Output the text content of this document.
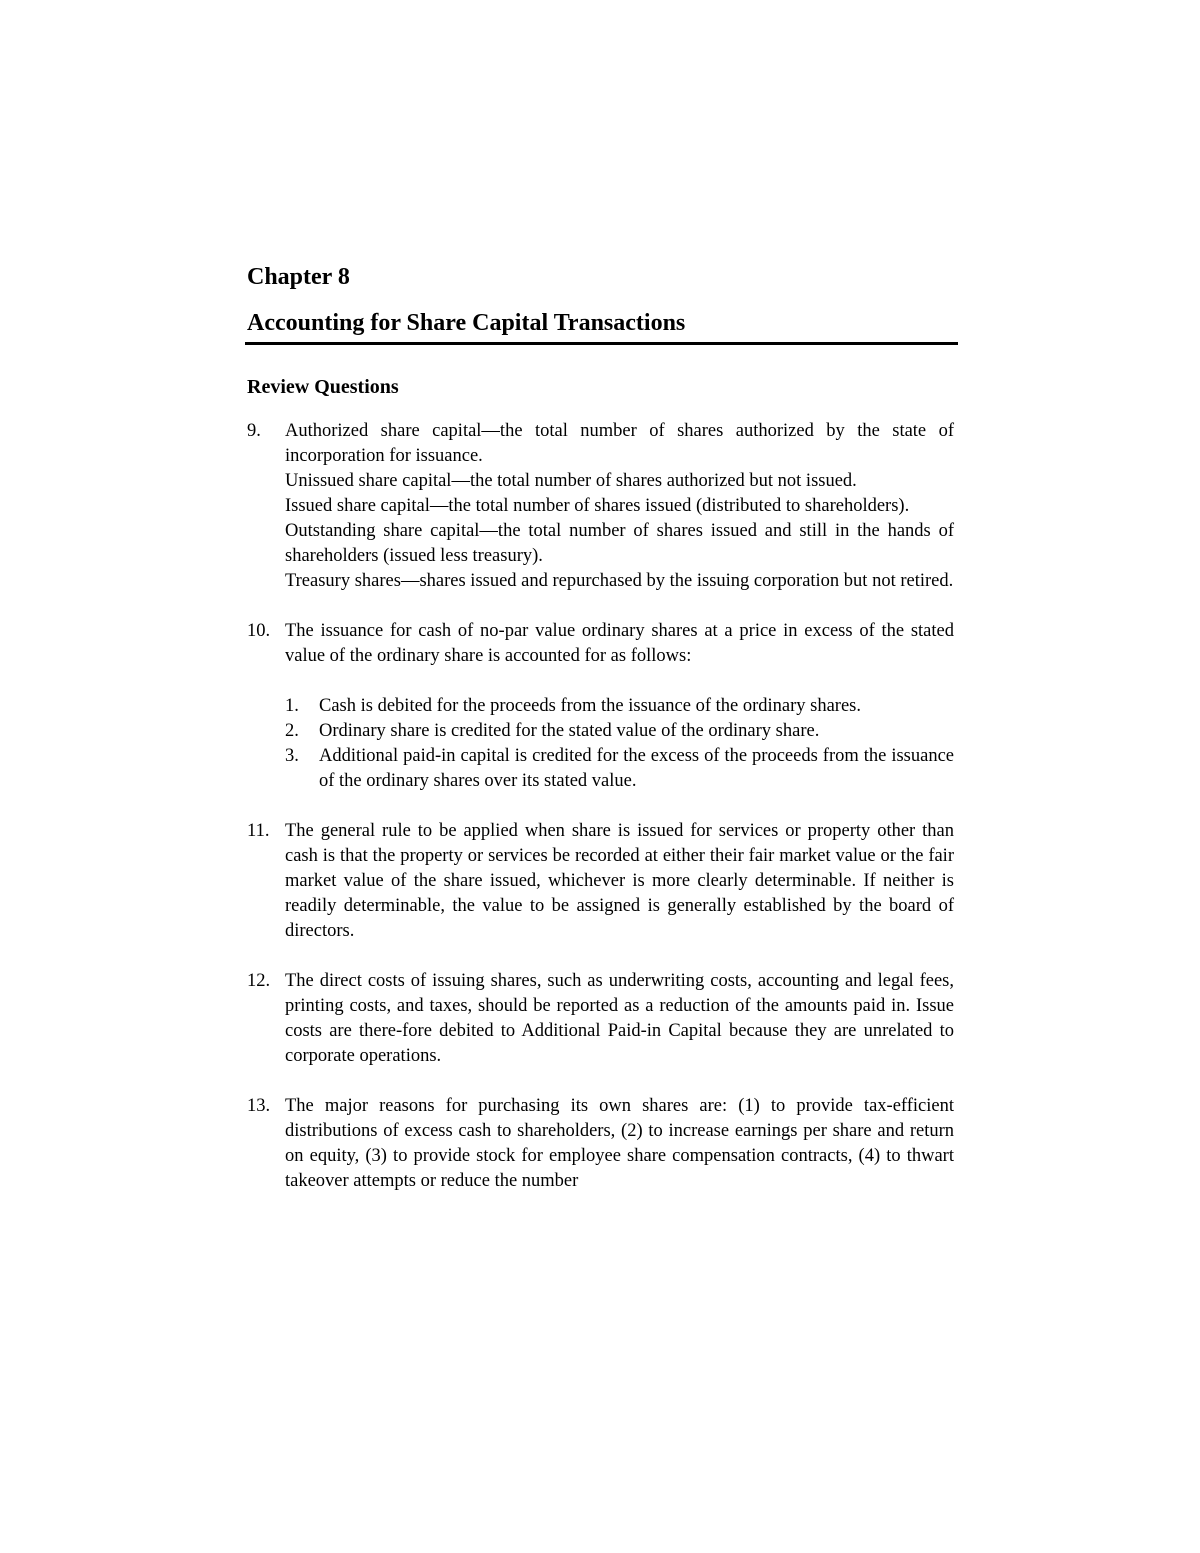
Chapter 8
Accounting for Share Capital Transactions
Review Questions
9. Authorized share capital—the total number of shares authorized by the state of incorporation for issuance.

Unissued share capital—the total number of shares authorized but not issued.

Issued share capital—the total number of shares issued (distributed to shareholders).

Outstanding share capital—the total number of shares issued and still in the hands of shareholders (issued less treasury).

Treasury shares—shares issued and repurchased by the issuing corporation but not retired.

10. The issuance for cash of no-par value ordinary shares at a price in excess of the stated value of the ordinary share is accounted for as follows:

1. Cash is debited for the proceeds from the issuance of the ordinary shares.
2. Ordinary share is credited for the stated value of the ordinary share.
3. Additional paid-in capital is credited for the excess of the proceeds from the issuance of the ordinary shares over its stated value.
11. The general rule to be applied when share is issued for services or property other than cash is that the property or services be recorded at either their fair market value or the fair market value of the share issued, whichever is more clearly determinable. If neither is readily determinable, the value to be assigned is generally established by the board of directors.

12. The direct costs of issuing shares, such as underwriting costs, accounting and legal fees, printing costs, and taxes, should be reported as a reduction of the amounts paid in. Issue costs are there-fore debited to Additional Paid-in Capital because they are unrelated to corporate operations.

13. The major reasons for purchasing its own shares are: (1) to provide tax-efficient distributions of excess cash to shareholders, (2) to increase earnings per share and return on equity, (3) to provide stock for employee share compensation contracts, (4) to thwart takeover attempts or reduce the number
